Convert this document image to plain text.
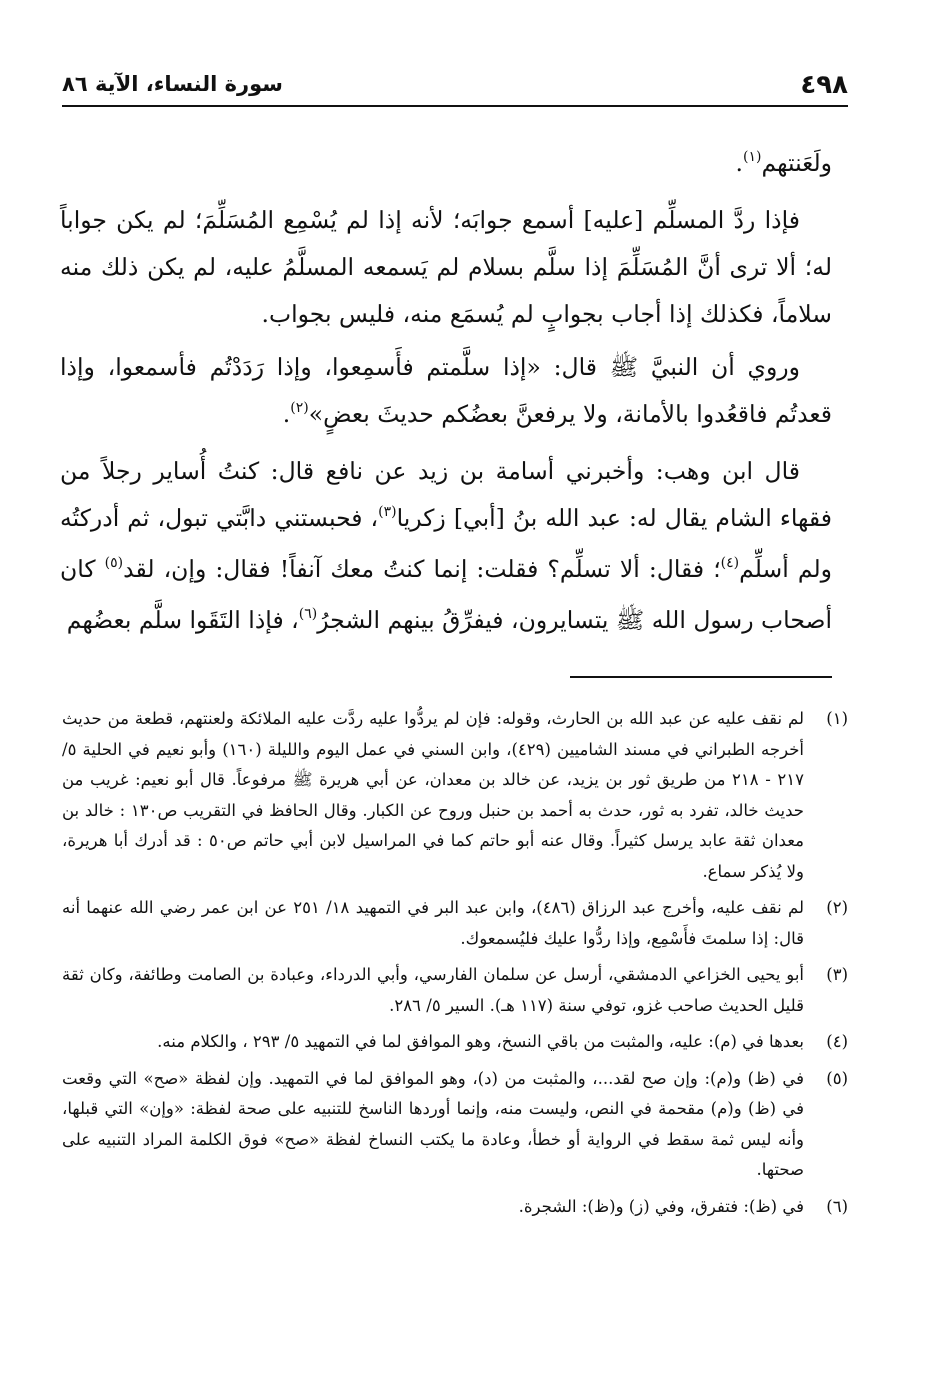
٤٩٨
سورة النساء، الآية ٨٦

ولَعَنتهم$^{(١)}$.

فإذا ردَّ المسلِّم [عليه] أسمع جوابَه؛ لأنه إذا لم يُسْمِع المُسَلِّمَ؛ لم يكن جواباً له؛ ألا ترى أنَّ المُسَلِّمَ إذا سلَّم بسلام لم يَسمعه المسلَّمُ عليه، لم يكن ذلك منه سلاماً، فكذلك إذا أجاب بجوابٍ لم يُسمَع منه، فليس بجواب.

وروي أن النبيَّ ﷺ قال: «إذا سلَّمتم فأَسمِعوا، وإذا رَدَدْتُم فأسمعوا، وإذا قعدتُم فاقعُدوا بالأمانة، ولا يرفعنَّ بعضُكم حديثَ بعضٍ»$^{(٢)}$.

قال ابن وهب: وأخبرني أسامة بن زيد عن نافع قال: كنتُ أُساير رجلاً من فقهاء الشام يقال له: عبد الله بنُ [أبي] زكريا$^{(٣)}$، فحبستني دابَّتي تبول، ثم أدركتُه ولم أسلِّم$^{(٤)}$؛ فقال: ألا تسلِّم؟ فقلت: إنما كنتُ معك آنفاً! فقال: وإن، لقد$^{(٥)}$ كان أصحاب رسول الله ﷺ يتسايرون، فيفرِّقُ بينهم الشجرُ$^{(٦)}$، فإذا التَقَوا سلَّم بعضُهم

(١)
لم نقف عليه عن عبد الله بن الحارث، وقوله: فإن لم يردُّوا عليه ردَّت عليه الملائكة ولعنتهم، قطعة من حديث أخرجه الطبراني في مسند الشاميين (٤٢٩)، وابن السني في عمل اليوم والليلة (١٦٠) وأبو نعيم في الحلية ٥/ ٢١٧ - ٢١٨ من طريق ثور بن يزيد، عن خالد بن معدان، عن أبي هريرة ﷺ مرفوعاً. قال أبو نعيم: غريب من حديث خالد، تفرد به ثور، حدث به أحمد بن حنبل وروح عن الكبار. وقال الحافظ في التقريب ص١٣٠ : خالد بن معدان ثقة عابد يرسل كثيراً. وقال عنه أبو حاتم كما في المراسيل لابن أبي حاتم ص٥٠ : قد أدرك أبا هريرة، ولا يُذكر سماع.
(٢)
لم نقف عليه، وأخرج عبد الرزاق (٤٨٦)، وابن عبد البر في التمهيد ١٨/ ٢٥١ عن ابن عمر رضي الله عنهما أنه قال: إذا سلمتَ فأَسْمِع، وإذا ردُّوا عليك فليُسمعوك.
(٣)
أبو يحيى الخزاعي الدمشقي، أرسل عن سلمان الفارسي، وأبي الدرداء، وعبادة بن الصامت وطائفة، وكان ثقة قليل الحديث صاحب غزو، توفي سنة (١١٧ هـ). السير ٥/ ٢٨٦.
(٤)
بعدها في (م): عليه، والمثبت من باقي النسخ، وهو الموافق لما في التمهيد ٥/ ٢٩٣ ، والكلام منه.
(٥)
في (ظ) و(م): وإن صح لقد...، والمثبت من (د)، وهو الموافق لما في التمهيد. وإن لفظة «صح» التي وقعت في (ظ) و(م) مقحمة في النص، وليست منه، وإنما أوردها الناسخ للتنبيه على صحة لفظة: «وإن» التي قبلها، وأنه ليس ثمة سقط في الرواية أو خطأ، وعادة ما يكتب النساخ لفظة «صح» فوق الكلمة المراد التنبيه على صحتها.
(٦)
في (ظ): فتفرق، وفي (ز) و(ظ): الشجرة.
